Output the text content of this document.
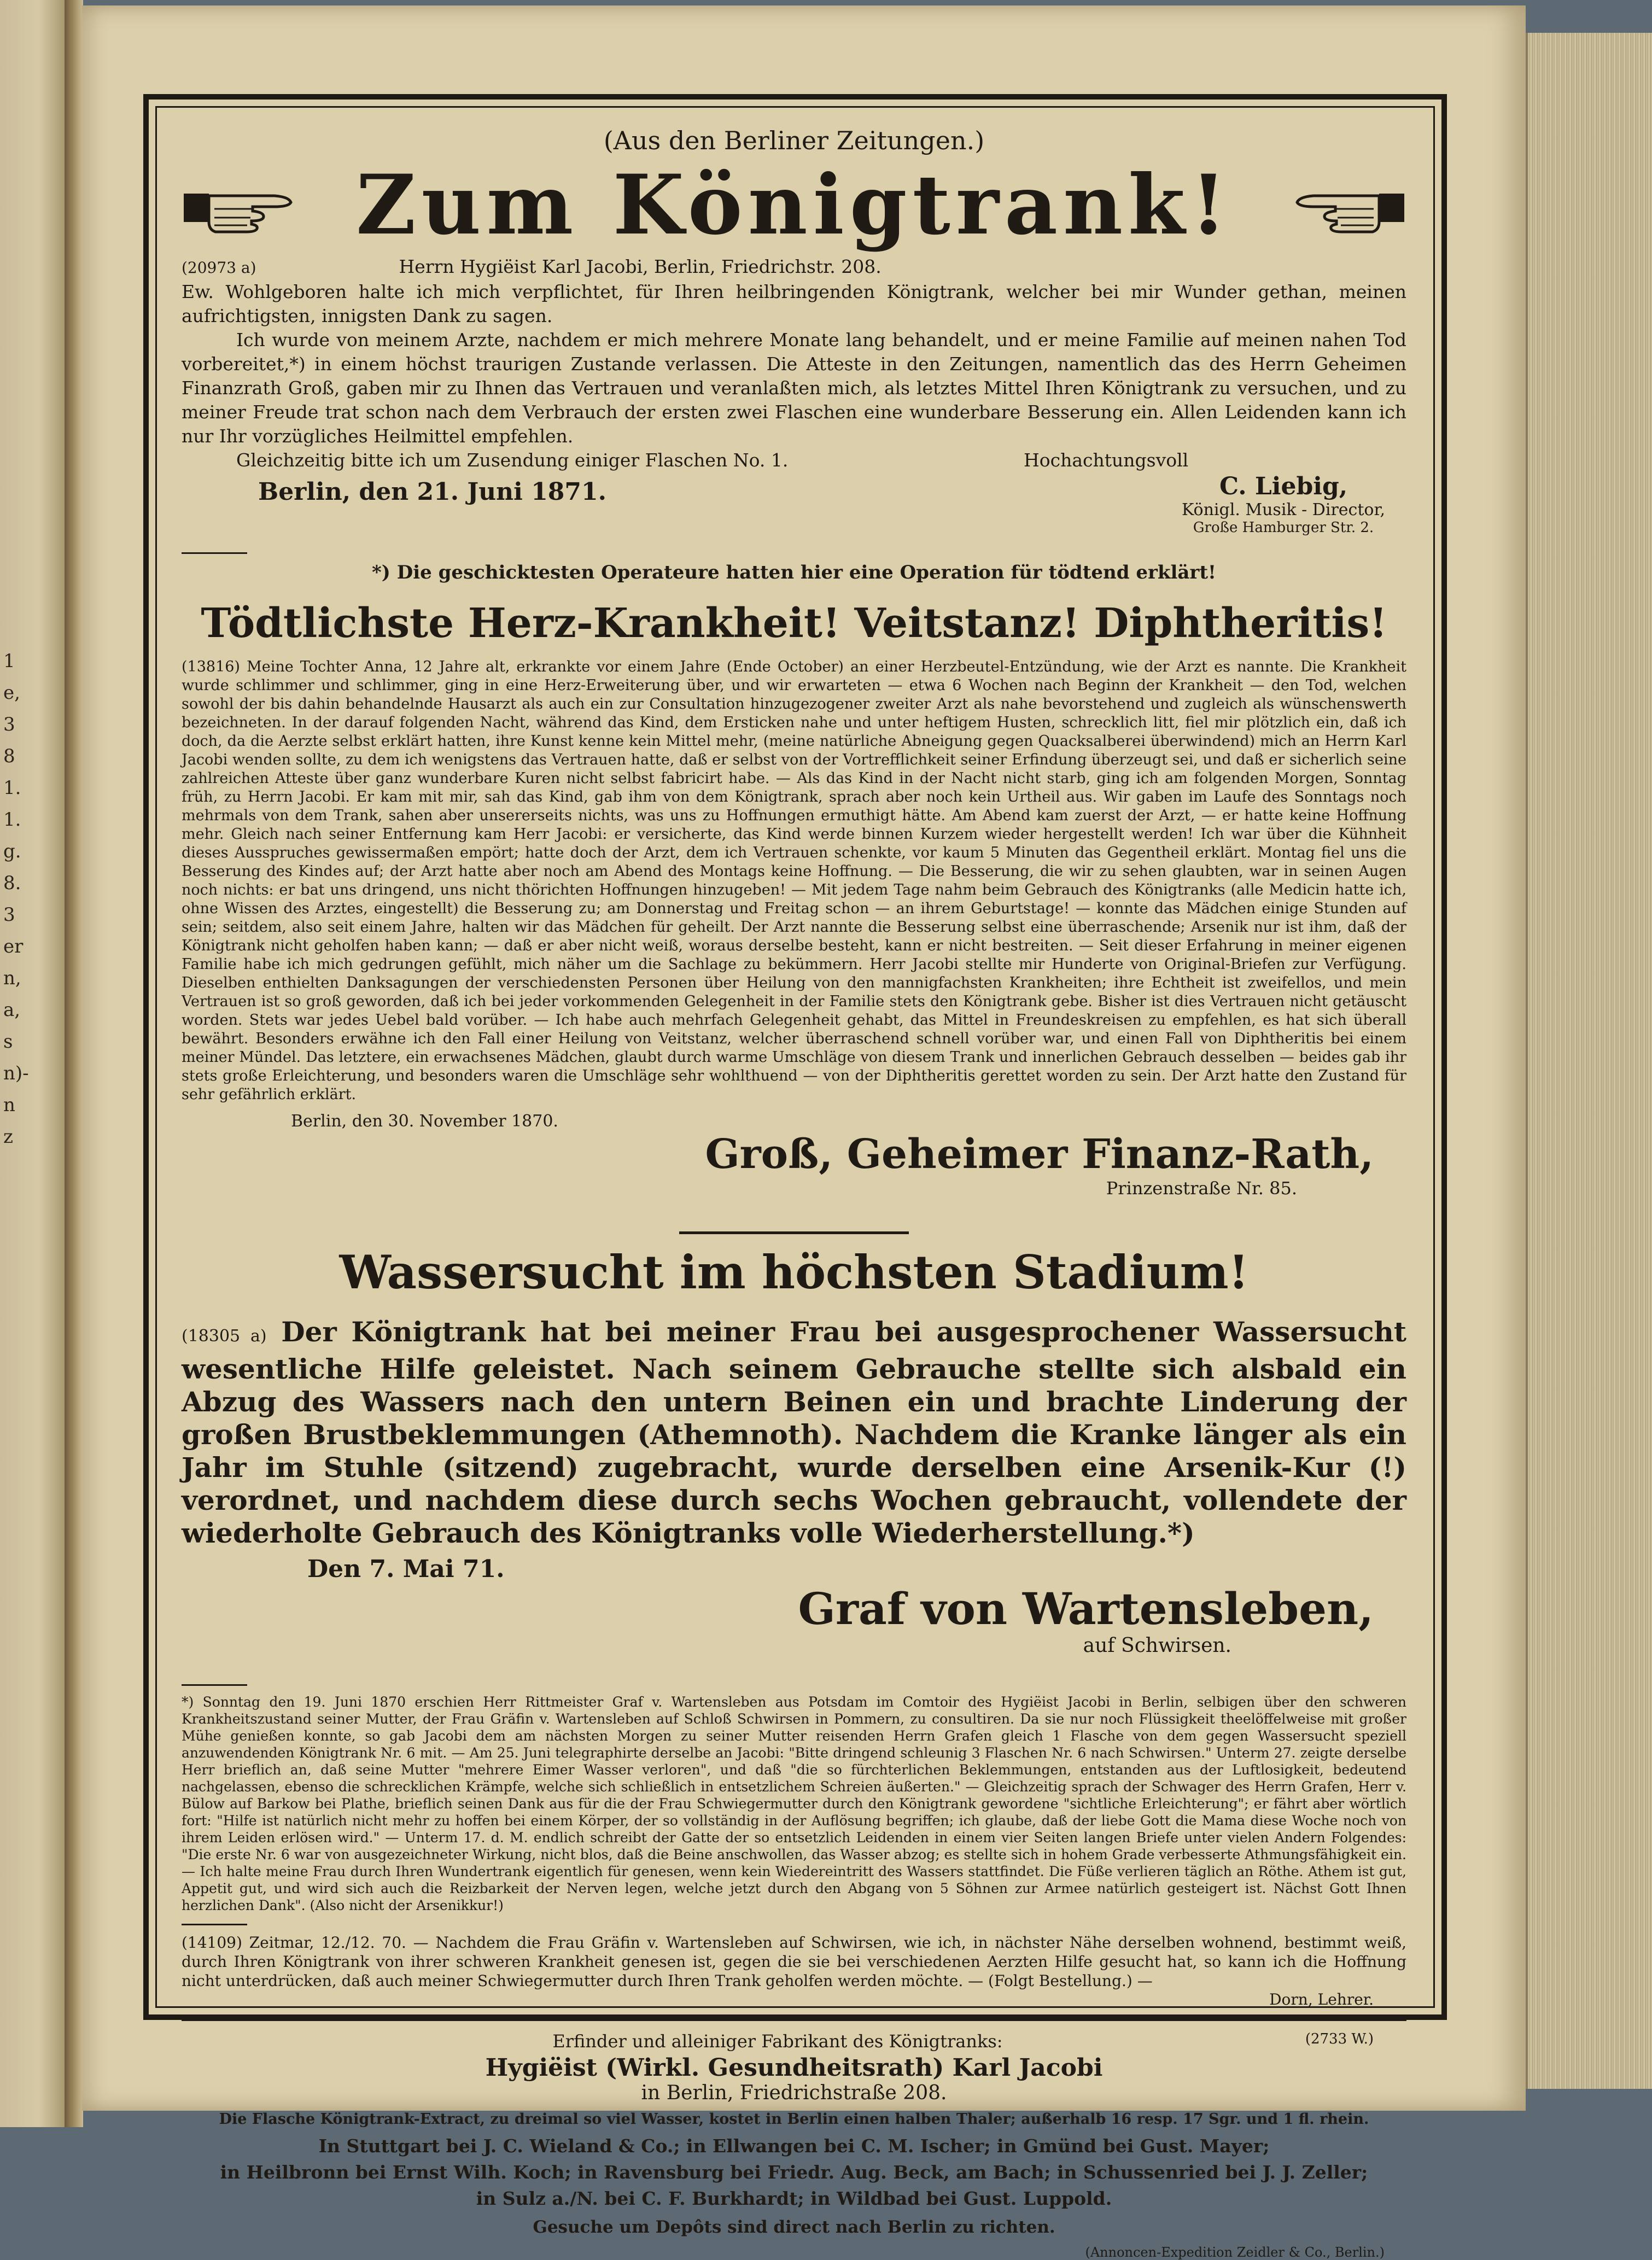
1
e,
3
8
1.
1.
g.
8.
3
er
n,
a,
s
n)-
n
z
(Aus den Berliner Zeitungen.)
Zum Königtrank!
(20973 a)	Herrn Hygiëist Karl Jacobi, Berlin, Friedrichstr. 208.
Ew. Wohlgeboren halte ich mich verpflichtet, für Ihren heilbringenden Königtrank, welcher bei mir Wunder gethan, meinen aufrichtigsten, innigsten Dank zu sagen.
Ich wurde von meinem Arzte, nachdem er mich mehrere Monate lang behandelt, und er meine Familie auf meinen nahen Tod vorbereitet,*) in einem höchst traurigen Zustande verlassen. Die Atteste in den Zeitungen, namentlich das des Herrn Geheimen Finanzrath Groß, gaben mir zu Ihnen das Vertrauen und veranlaßten mich, als letztes Mittel Ihren Königtrank zu versuchen, und zu meiner Freude trat schon nach dem Verbrauch der ersten zwei Flaschen eine wunderbare Besserung ein. Allen Leidenden kann ich nur Ihr vorzügliches Heilmittel empfehlen.
Gleichzeitig bitte ich um Zusendung einiger Flaschen No. 1.
Berlin, den 21. Juni 1871.
Hochachtungsvoll
C. Liebig,
Königl. Musik - Director,
Große Hamburger Str. 2.
*) Die geschicktesten Operateure hatten hier eine Operation für tödtend erklärt!
Tödtlichste Herz-Krankheit! Veitstanz! Diphtheritis!
(13816) Meine Tochter Anna, 12 Jahre alt, erkrankte vor einem Jahre (Ende October) an einer Herzbeutel-Entzündung, wie der Arzt es nannte. Die Krankheit wurde schlimmer und schlimmer, ging in eine Herz-Erweiterung über, und wir erwarteten — etwa 6 Wochen nach Beginn der Krankheit — den Tod, welchen sowohl der bis dahin behandelnde Hausarzt als auch ein zur Consultation hinzugezogener zweiter Arzt als nahe bevorstehend und zugleich als wünschenswerth bezeichneten. In der darauf folgenden Nacht, während das Kind, dem Ersticken nahe und unter heftigem Husten, schrecklich litt, fiel mir plötzlich ein, daß ich doch, da die Aerzte selbst erklärt hatten, ihre Kunst kenne kein Mittel mehr, (meine natürliche Abneigung gegen Quacksalberei überwindend) mich an Herrn Karl Jacobi wenden sollte, zu dem ich wenigstens das Vertrauen hatte, daß er selbst von der Vortrefflichkeit seiner Erfindung überzeugt sei, und daß er sicherlich seine zahlreichen Atteste über ganz wunderbare Kuren nicht selbst fabricirt habe. — Als das Kind in der Nacht nicht starb, ging ich am folgenden Morgen, Sonntag früh, zu Herrn Jacobi. Er kam mit mir, sah das Kind, gab ihm von dem Königtrank, sprach aber noch kein Urtheil aus. Wir gaben im Laufe des Sonntags noch mehrmals von dem Trank, sahen aber unsererseits nichts, was uns zu Hoffnungen ermuthigt hätte. Am Abend kam zuerst der Arzt, — er hatte keine Hoffnung mehr. Gleich nach seiner Entfernung kam Herr Jacobi: er versicherte, das Kind werde binnen Kurzem wieder hergestellt werden! Ich war über die Kühnheit dieses Ausspruches gewissermaßen empört; hatte doch der Arzt, dem ich Vertrauen schenkte, vor kaum 5 Minuten das Gegentheil erklärt. Montag fiel uns die Besserung des Kindes auf; der Arzt hatte aber noch am Abend des Montags keine Hoffnung. — Die Besserung, die wir zu sehen glaubten, war in seinen Augen noch nichts: er bat uns dringend, uns nicht thörichten Hoffnungen hinzugeben! — Mit jedem Tage nahm beim Gebrauch des Königtranks (alle Medicin hatte ich, ohne Wissen des Arztes, eingestellt) die Besserung zu; am Donnerstag und Freitag schon — an ihrem Geburtstage! — konnte das Mädchen einige Stunden auf sein; seitdem, also seit einem Jahre, halten wir das Mädchen für geheilt. Der Arzt nannte die Besserung selbst eine überraschende; Arsenik nur ist ihm, daß der Königtrank nicht geholfen haben kann; — daß er aber nicht weiß, woraus derselbe besteht, kann er nicht bestreiten. — Seit dieser Erfahrung in meiner eigenen Familie habe ich mich gedrungen gefühlt, mich näher um die Sachlage zu bekümmern. Herr Jacobi stellte mir Hunderte von Original-Briefen zur Verfügung. Dieselben enthielten Danksagungen der verschiedensten Personen über Heilung von den mannigfachsten Krankheiten; ihre Echtheit ist zweifellos, und mein Vertrauen ist so groß geworden, daß ich bei jeder vorkommenden Gelegenheit in der Familie stets den Königtrank gebe. Bisher ist dies Vertrauen nicht getäuscht worden. Stets war jedes Uebel bald vorüber. — Ich habe auch mehrfach Gelegenheit gehabt, das Mittel in Freundeskreisen zu empfehlen, es hat sich überall bewährt. Besonders erwähne ich den Fall einer Heilung von Veitstanz, welcher überraschend schnell vorüber war, und einen Fall von Diphtheritis bei einem meiner Mündel. Das letztere, ein erwachsenes Mädchen, glaubt durch warme Umschläge von diesem Trank und innerlichen Gebrauch desselben — beides gab ihr stets große Erleichterung, und besonders waren die Umschläge sehr wohlthuend — von der Diphtheritis gerettet worden zu sein. Der Arzt hatte den Zustand für sehr gefährlich erklärt.
Berlin, den 30. November 1870.
Groß, Geheimer Finanz-Rath,
Prinzenstraße Nr. 85.
Wassersucht im höchsten Stadium!
(18305 a) Der Königtrank hat bei meiner Frau bei ausgesprochener Wassersucht wesentliche Hilfe geleistet. Nach seinem Gebrauche stellte sich alsbald ein Abzug des Wassers nach den untern Beinen ein und brachte Linderung der großen Brustbeklemmungen (Athemnoth). Nachdem die Kranke länger als ein Jahr im Stuhle (sitzend) zugebracht, wurde derselben eine Arsenik-Kur (!) verordnet, und nachdem diese durch sechs Wochen gebraucht, vollendete der wiederholte Gebrauch des Königtranks volle Wiederherstellung.*)
Den 7. Mai 71.
Graf von Wartensleben,
auf Schwirsen.
*) Sonntag den 19. Juni 1870 erschien Herr Rittmeister Graf v. Wartensleben aus Potsdam im Comtoir des Hygiëist Jacobi in Berlin, selbigen über den schweren Krankheitszustand seiner Mutter, der Frau Gräfin v. Wartensleben auf Schloß Schwirsen in Pommern, zu consultiren. Da sie nur noch Flüssigkeit theelöffelweise mit großer Mühe genießen konnte, so gab Jacobi dem am nächsten Morgen zu seiner Mutter reisenden Herrn Grafen gleich 1 Flasche von dem gegen Wassersucht speziell anzuwendenden Königtrank Nr. 6 mit. — Am 25. Juni telegraphirte derselbe an Jacobi: "Bitte dringend schleunig 3 Flaschen Nr. 6 nach Schwirsen." Unterm 27. zeigte derselbe Herr brieflich an, daß seine Mutter "mehrere Eimer Wasser verloren", und daß "die so fürchterlichen Beklemmungen, entstanden aus der Luftlosigkeit, bedeutend nachgelassen, ebenso die schrecklichen Krämpfe, welche sich schließlich in entsetzlichem Schreien äußerten." — Gleichzeitig sprach der Schwager des Herrn Grafen, Herr v. Bülow auf Barkow bei Plathe, brieflich seinen Dank aus für die der Frau Schwiegermutter durch den Königtrank gewordene "sichtliche Erleichterung"; er fährt aber wörtlich fort: "Hilfe ist natürlich nicht mehr zu hoffen bei einem Körper, der so vollständig in der Auflösung begriffen; ich glaube, daß der liebe Gott die Mama diese Woche noch von ihrem Leiden erlösen wird." — Unterm 17. d. M. endlich schreibt der Gatte der so entsetzlich Leidenden in einem vier Seiten langen Briefe unter vielen Andern Folgendes: "Die erste Nr. 6 war von ausgezeichneter Wirkung, nicht blos, daß die Beine anschwollen, das Wasser abzog; es stellte sich in hohem Grade verbesserte Athmungsfähigkeit ein. — Ich halte meine Frau durch Ihren Wundertrank eigentlich für genesen, wenn kein Wiedereintritt des Wassers stattfindet. Die Füße verlieren täglich an Röthe. Athem ist gut, Appetit gut, und wird sich auch die Reizbarkeit der Nerven legen, welche jetzt durch den Abgang von 5 Söhnen zur Armee natürlich gesteigert ist. Nächst Gott Ihnen herzlichen Dank". (Also nicht der Arsenikkur!)
(14109) Zeitmar, 12./12. 70. — Nachdem die Frau Gräfin v. Wartensleben auf Schwirsen, wie ich, in nächster Nähe derselben wohnend, bestimmt weiß, durch Ihren Königtrank von ihrer schweren Krankheit genesen ist, gegen die sie bei verschiedenen Aerzten Hilfe gesucht hat, so kann ich die Hoffnung nicht unterdrücken, daß auch meiner Schwiegermutter durch Ihren Trank geholfen werden möchte. — (Folgt Bestellung.) —
Dorn, Lehrer.
Erfinder und alleiniger Fabrikant des Königtranks:	(2733 W.)
Hygiëist (Wirkl. Gesundheitsrath) Karl Jacobi
in Berlin, Friedrichstraße 208.
Die Flasche Königtrank-Extract, zu dreimal so viel Wasser, kostet in Berlin einen halben Thaler; außerhalb 16 resp. 17 Sgr. und 1 fl. rhein.
In Stuttgart bei J. C. Wieland & Co.; in Ellwangen bei C. M. Ischer; in Gmünd bei Gust. Mayer;
in Heilbronn bei Ernst Wilh. Koch; in Ravensburg bei Friedr. Aug. Beck, am Bach; in Schussenried bei J. J. Zeller;
in Sulz a./N. bei C. F. Burkhardt; in Wildbad bei Gust. Luppold.
Gesuche um Depôts sind direct nach Berlin zu richten.
(Annoncen-Expedition Zeidler & Co., Berlin.)
